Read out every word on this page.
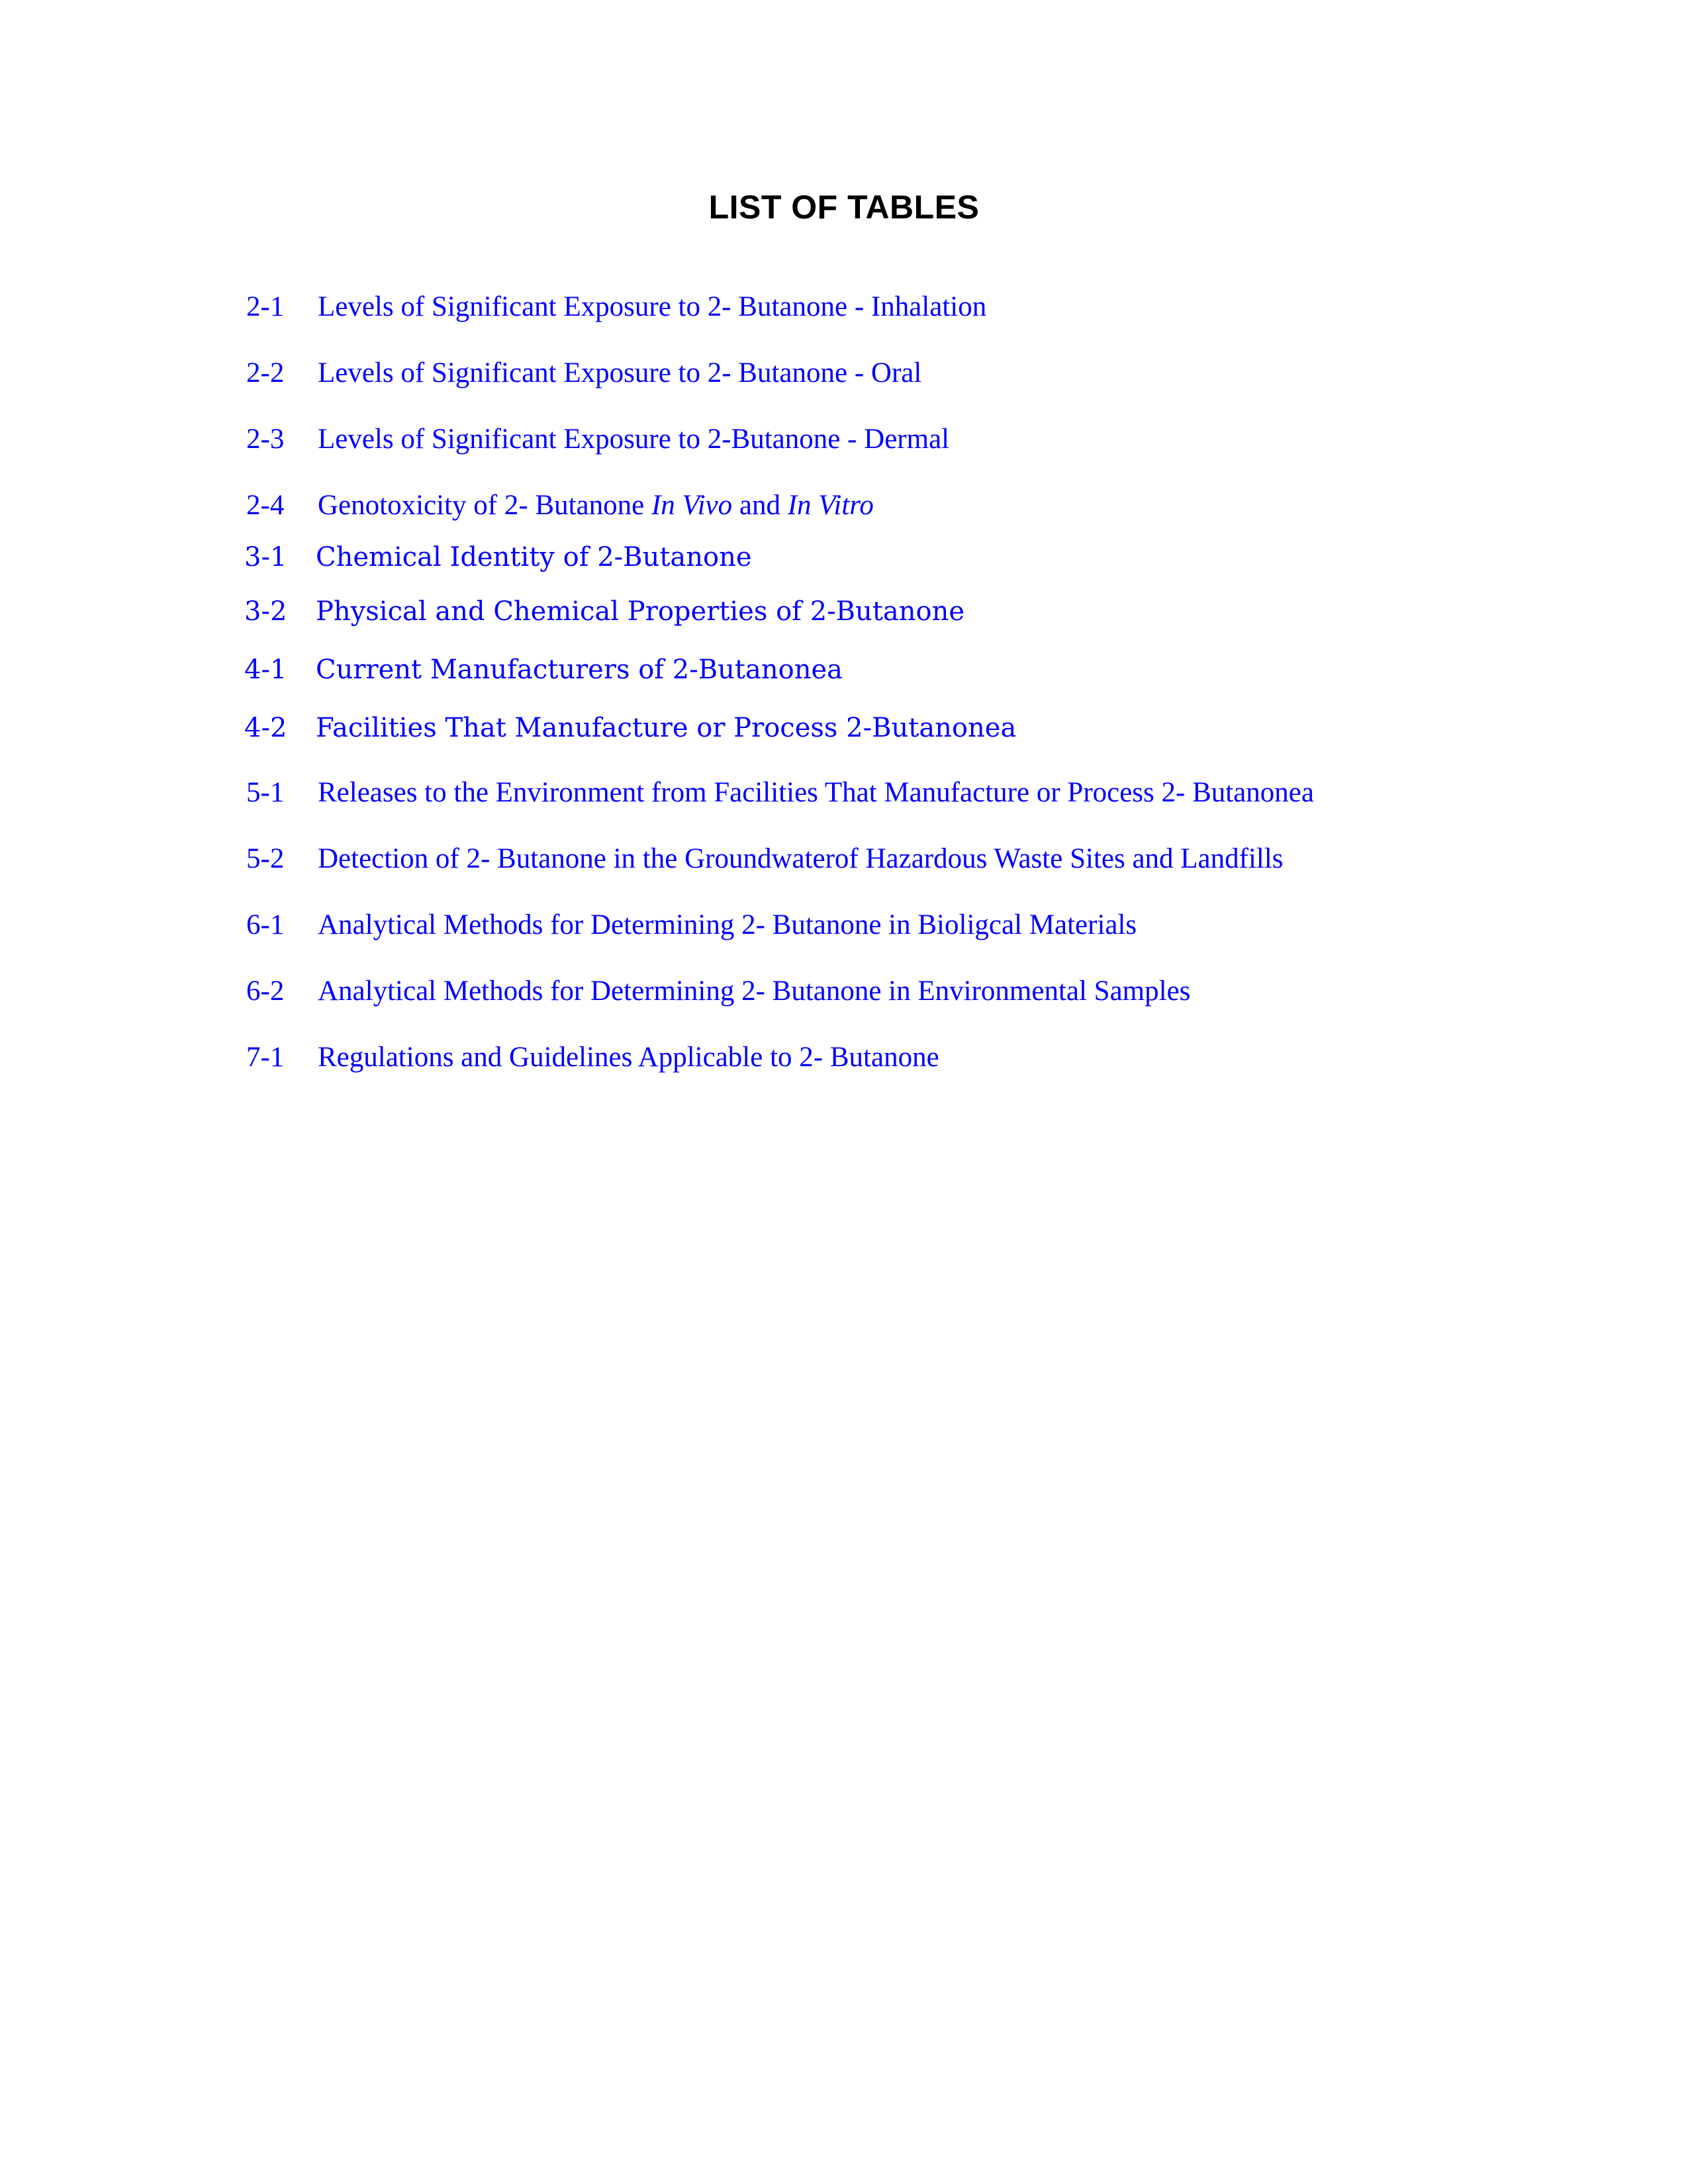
LIST OF TABLES
2-1 Levels of Significant Exposure to 2- Butanone - Inhalation
2-2 Levels of Significant Exposure to 2- Butanone - Oral
2-3 Levels of Significant Exposure to 2-Butanone - Dermal
2-4 Genotoxicity of 2- Butanone In Vivo and In Vitro
3-1 Chemical Identity of 2-Butanone
3-2 Physical and Chemical Properties of 2-Butanone
4-1 Current Manufacturers of 2-Butanonea
4-2 Facilities That Manufacture or Process 2-Butanonea
5-1 Releases to the Environment from Facilities That Manufacture or Process 2- Butanonea
5-2 Detection of 2- Butanone in the Groundwaterof Hazardous Waste Sites and Landfills
6-1 Analytical Methods for Determining 2- Butanone in Bioligcal Materials
6-2 Analytical Methods for Determining 2- Butanone in Environmental Samples
7-1 Regulations and Guidelines Applicable to 2- Butanone
